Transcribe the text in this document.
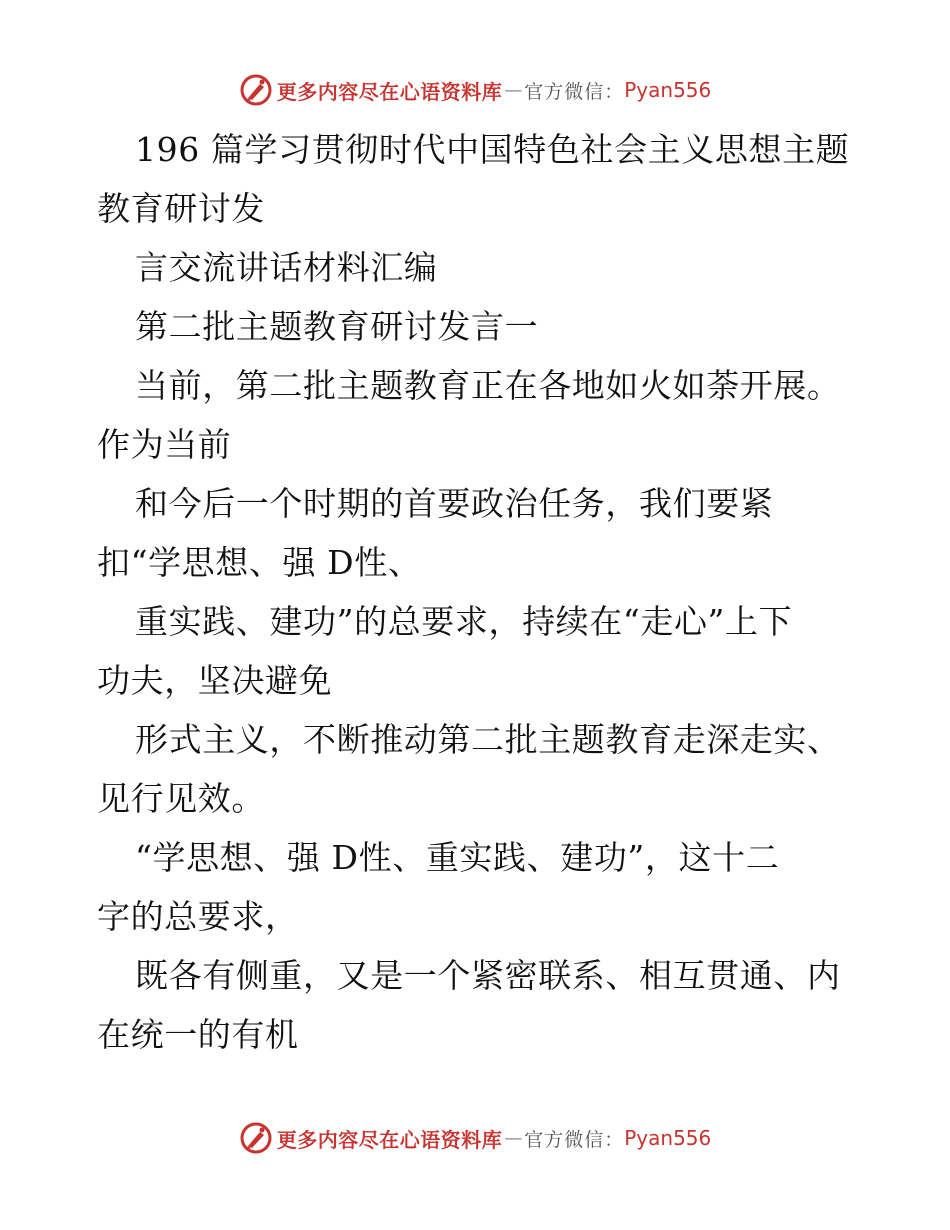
更多内容尽在心语资料库 — 官方微信： Pyan556
196 篇学习贯彻时代中国特色社会主义思想主题
教育研讨发
言交流讲话材料汇编
第二批主题教育研讨发言一
当前，第二批主题教育正在各地如火如荼开展。
作为当前
和今后一个时期的首要政治任务，我们要紧
扣“学思想、强 D性、
重实践、建功”的总要求，持续在“走心”上下
功夫，坚决避免
形式主义，不断推动第二批主题教育走深走实、
见行见效。
“学思想、强 D性、重实践、建功”，这十二
字的总要求，
既各有侧重，又是一个紧密联系、相互贯通、内
在统一的有机
更多内容尽在心语资料库 — 官方微信： Pyan556
